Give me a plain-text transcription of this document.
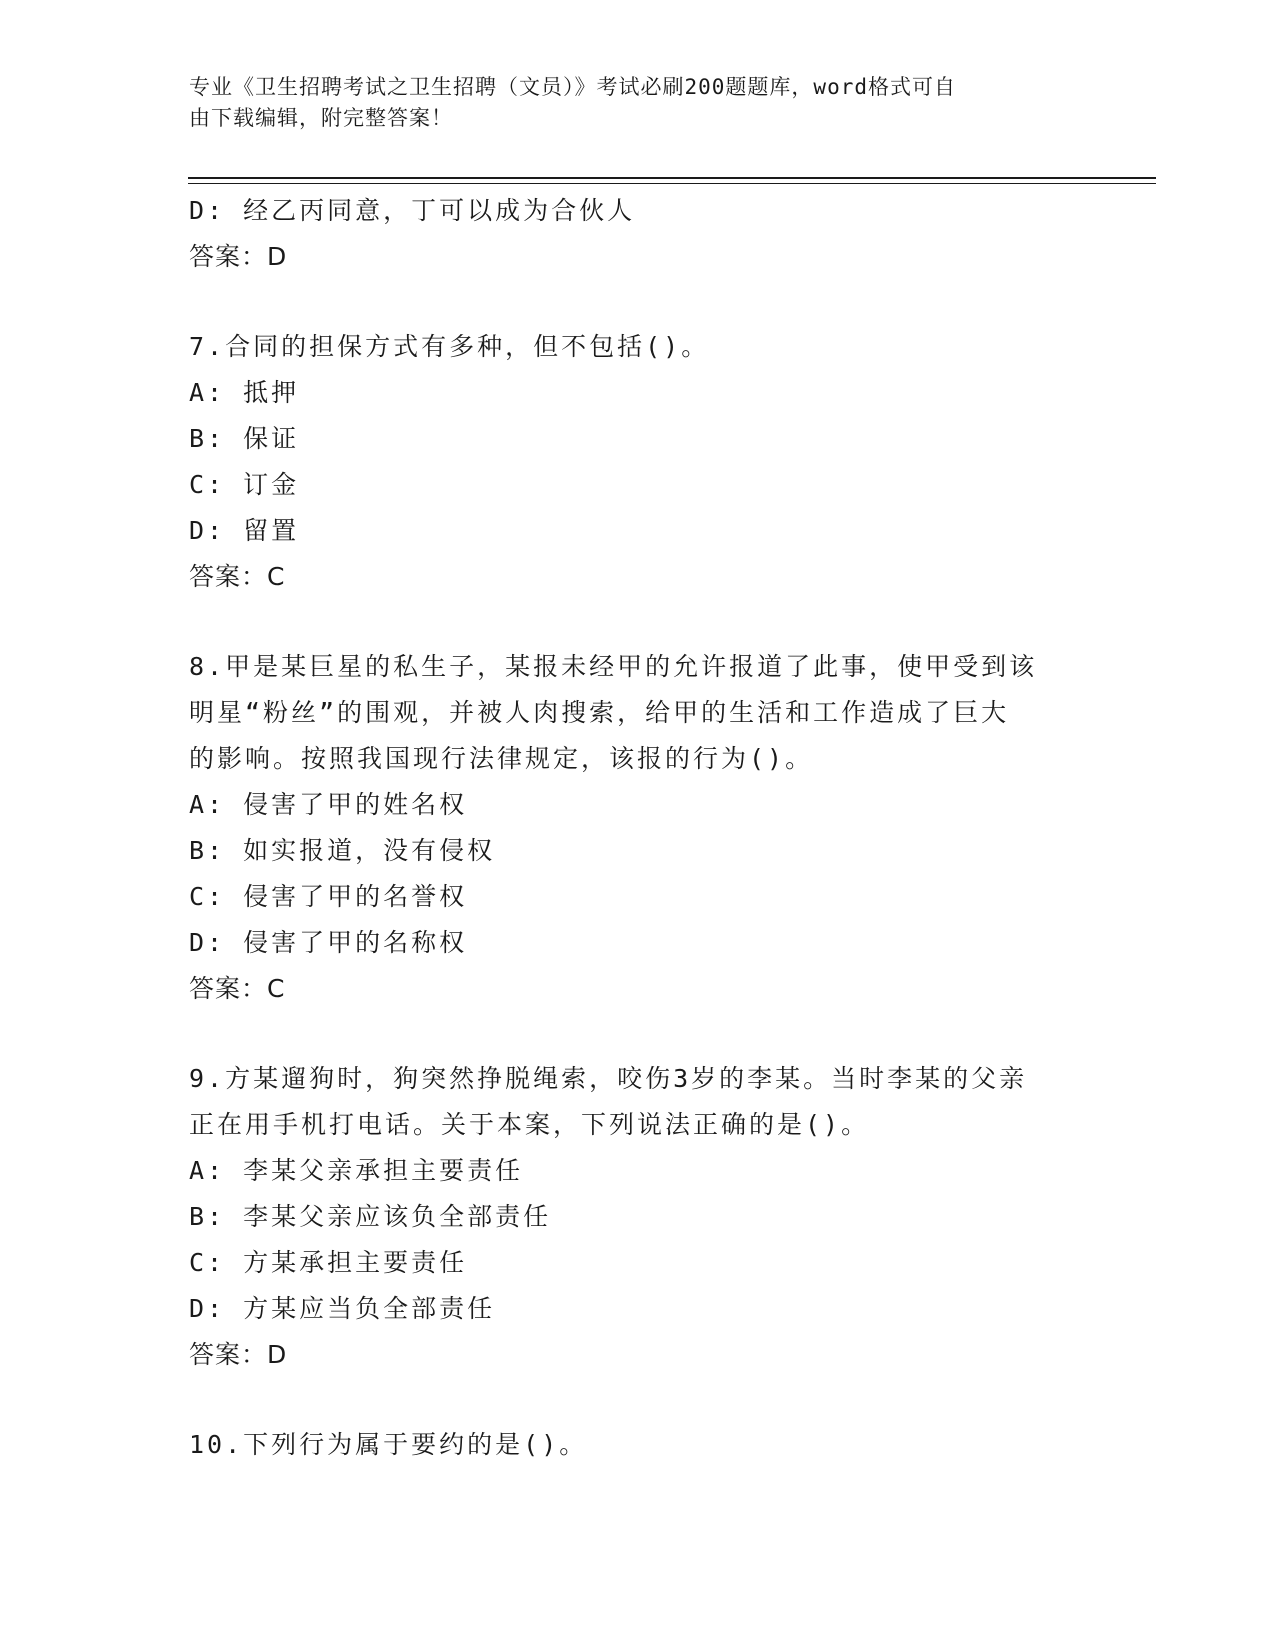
专业《卫生招聘考试之卫生招聘（文员）》考试必刷200题题库，word格式可自
由下载编辑，附完整答案！
D: 经乙丙同意，丁可以成为合伙人
答案：D
7.合同的担保方式有多种，但不包括()。
A: 抵押
B: 保证
C: 订金
D: 留置
答案：C
8.甲是某巨星的私生子，某报未经甲的允许报道了此事，使甲受到该
明星“粉丝”的围观，并被人肉搜索，给甲的生活和工作造成了巨大
的影响。按照我国现行法律规定，该报的行为()。
A: 侵害了甲的姓名权
B: 如实报道，没有侵权
C: 侵害了甲的名誉权
D: 侵害了甲的名称权
答案：C
9.方某遛狗时，狗突然挣脱绳索，咬伤3岁的李某。当时李某的父亲
正在用手机打电话。关于本案，下列说法正确的是()。
A: 李某父亲承担主要责任
B: 李某父亲应该负全部责任
C: 方某承担主要责任
D: 方某应当负全部责任
答案：D
10.下列行为属于要约的是()。
